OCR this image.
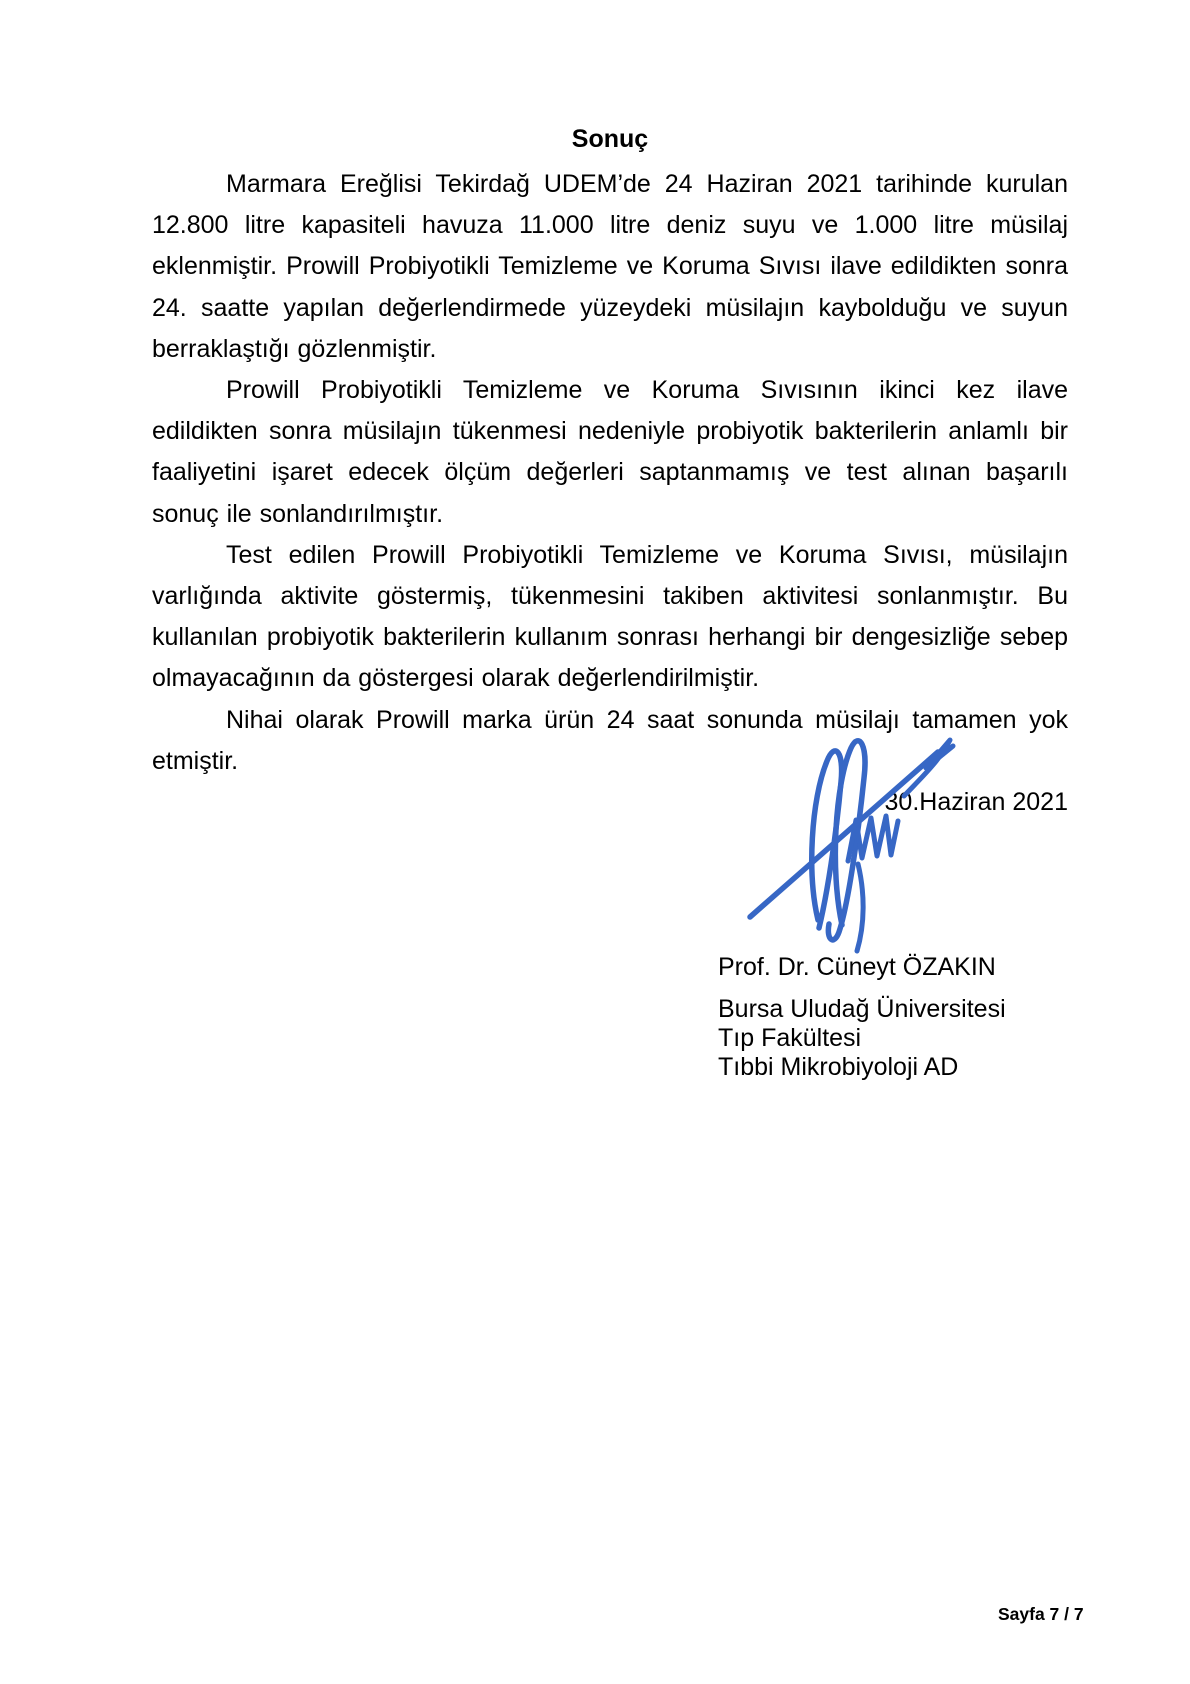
Sonuç

Marmara Ereğlisi Tekirdağ UDEM’de 24 Haziran 2021 tarihinde kurulan 12.800 litre kapasiteli havuza 11.000 litre deniz suyu ve 1.000 litre müsilaj eklenmiştir. Prowill Probiyotikli Temizleme ve Koruma Sıvısı ilave edildikten sonra 24. saatte yapılan değerlendirmede yüzeydeki müsilajın kaybolduğu ve suyun berraklaştığı gözlenmiştir.

Prowill Probiyotikli Temizleme ve Koruma Sıvısının ikinci kez ilave edildikten sonra müsilajın tükenmesi nedeniyle probiyotik bakterilerin anlamlı bir faaliyetini işaret edecek ölçüm değerleri saptanmamış ve test alınan başarılı sonuç ile sonlandırılmıştır.

Test edilen Prowill Probiyotikli Temizleme ve Koruma Sıvısı, müsilajın varlığında aktivite göstermiş, tükenmesini takiben aktivitesi sonlanmıştır. Bu kullanılan probiyotik bakterilerin kullanım sonrası herhangi bir dengesizliğe sebep olmayacağının da göstergesi olarak değerlendirilmiştir.

Nihai olarak Prowill marka ürün 24 saat sonunda müsilajı tamamen yok etmiştir.

30.Haziran 2021

Prof. Dr. Cüneyt ÖZAKIN
Bursa Uludağ Üniversitesi
Tıp Fakültesi
Tıbbi Mikrobiyoloji AD
Sayfa 7 / 7
